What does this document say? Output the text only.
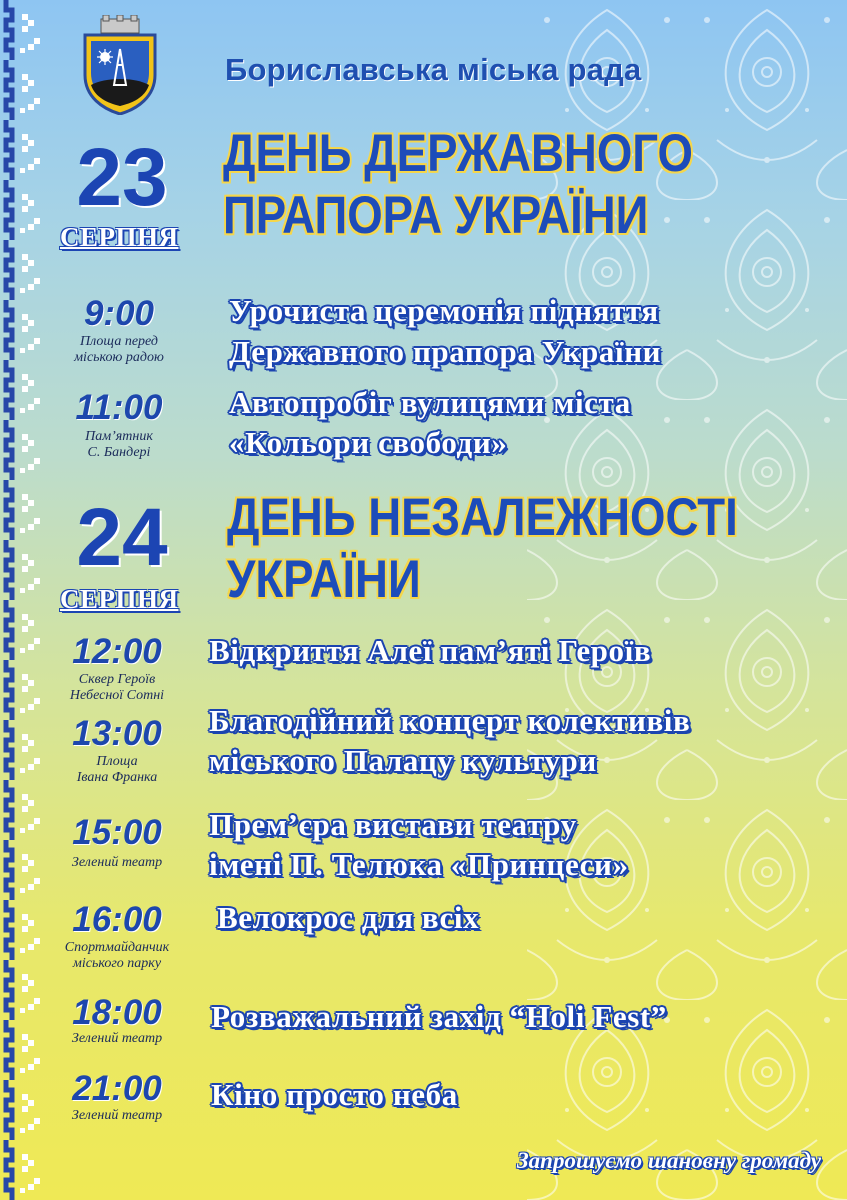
Бориславська міська рада
23
СЕРПНЯ
ДЕНЬ ДЕРЖАВНОГО
ПРАПОРА УКРАЇНИ
9:00
Площа перед
міською радою
Урочиста церемонія підняття
Державного прапора України
11:00
Пам’ятник
С. Бандері
Автопробіг вулицями міста
«Кольори свободи»
24
СЕРПНЯ
ДЕНЬ НЕЗАЛЕЖНОСТІ
УКРАЇНИ
12:00
Сквер Героїв
Небесної Сотні
Відкриття Алеї пам’яті Героїв
13:00
Площа
Івана Франка
Благодійний концерт колективів
міського Палацу культури
15:00
Зелений театр
Прем’єра вистави театру
імені П. Телюка «Принцеси»
16:00
Спортмайданчик
міського парку
Велокрос для всіх
18:00
Зелений театр
Розважальний захід “Holi Fest”
21:00
Зелений театр
Кіно просто неба
Запрошуємо шановну громаду
